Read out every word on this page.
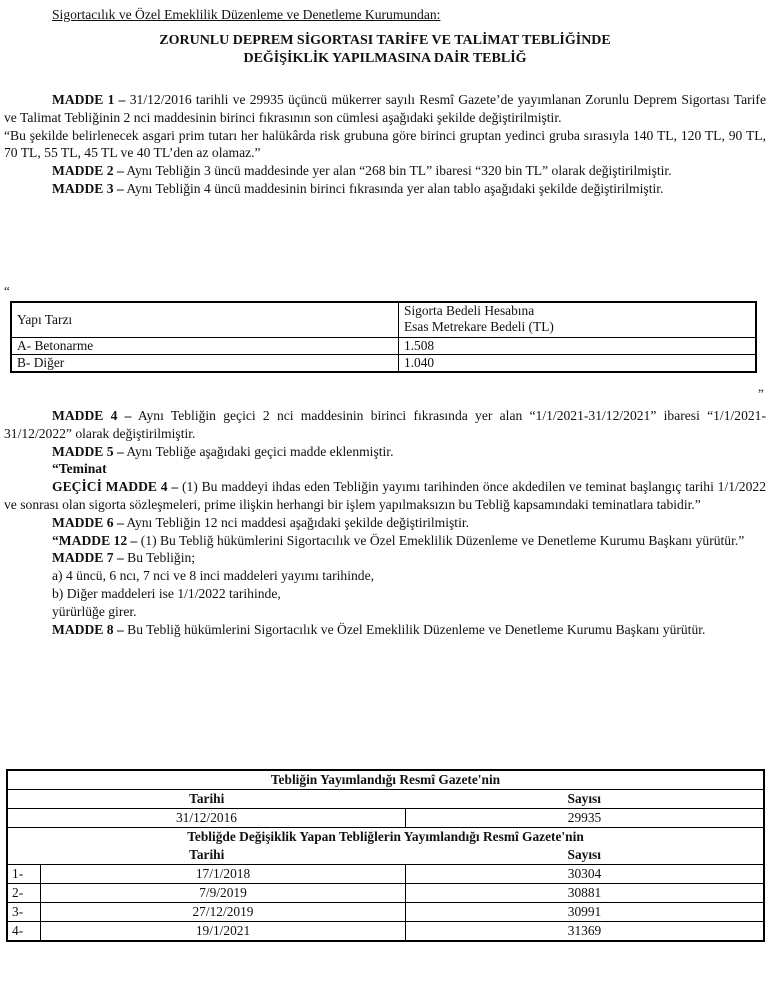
Sigortacılık ve Özel Emeklilik Düzenleme ve Denetleme Kurumundan:
ZORUNLU DEPREM SİGORTASI TARİFE VE TALİMAT TEBLİĞİNDE
DEĞİŞİKLİK YAPILMASINA DAİR TEBLİĞ

MADDE 1 – 31/12/2016 tarihli ve 29935 üçüncü mükerrer sayılı Resmî Gazete’de yayımlanan Zorunlu Deprem Sigortası Tarife ve Talimat Tebliğinin 2 nci maddesinin birinci fıkrasının son cümlesi aşağıdaki şekilde değiştirilmiştir.

“Bu şekilde belirlenecek asgari prim tutarı her halükârda risk grubuna göre birinci gruptan yedinci gruba sırasıyla 140 TL, 120 TL, 90 TL, 70 TL, 55 TL, 45 TL ve 40 TL’den az olamaz.”

MADDE 2 – Aynı Tebliğin 3 üncü maddesinde yer alan “268 bin TL” ibaresi “320 bin TL” olarak değiştirilmiştir.

MADDE 3 – Aynı Tebliğin 4 üncü maddesinin birinci fıkrasında yer alan tablo aşağıdaki şekilde değiştirilmiştir.

“
Yapı Tarzı	Sigorta Bedeli Hesabına
Esas Metrekare Bedeli (TL)

A- Betonarme	1.508
B- Diğer	1.040
”

MADDE 4 – Aynı Tebliğin geçici 2 nci maddesinin birinci fıkrasında yer alan “1/1/2021-31/12/2021” ibaresi “1/1/2021-31/12/2022” olarak değiştirilmiştir.

MADDE 5 – Aynı Tebliğe aşağıdaki geçici madde eklenmiştir.

“Teminat

GEÇİCİ MADDE 4 – (1) Bu maddeyi ihdas eden Tebliğin yayımı tarihinden önce akdedilen ve teminat başlangıç tarihi 1/1/2022 ve sonrası olan sigorta sözleşmeleri, prime ilişkin herhangi bir işlem yapılmaksızın bu Tebliğ kapsamındaki teminatlara tabidir.”

MADDE 6 – Aynı Tebliğin 12 nci maddesi aşağıdaki şekilde değiştirilmiştir.

“MADDE 12 – (1) Bu Tebliğ hükümlerini Sigortacılık ve Özel Emeklilik Düzenleme ve Denetleme Kurumu Başkanı yürütür.”

MADDE 7 – Bu Tebliğin;

a) 4 üncü, 6 ncı, 7 nci ve 8 inci maddeleri yayımı tarihinde,

b) Diğer maddeleri ise 1/1/2022 tarihinde,

yürürlüğe girer.

MADDE 8 – Bu Tebliğ hükümlerini Sigortacılık ve Özel Emeklilik Düzenleme ve Denetleme Kurumu Başkanı yürütür.

Tebliğin Yayımlandığı Resmî Gazete'nin		
Tarihi		Sayısı
31/12/2016		29935
Tebliğde Değişiklik Yapan Tebliğlerin Yayımlandığı Resmî Gazete'nin		
Tarihi		Sayısı
1-	17/1/2018	30304
2-	7/9/2019	30881
3-	27/12/2019	30991
4-	19/1/2021	31369
